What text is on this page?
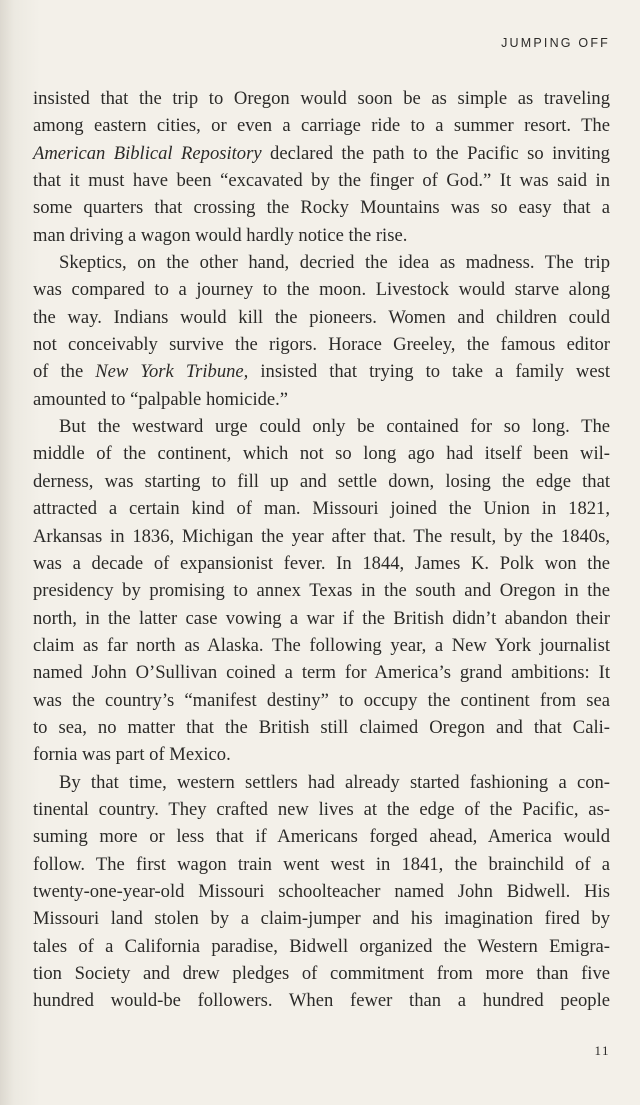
JUMPING OFF
insisted that the trip to Oregon would soon be as simple as traveling
among eastern cities, or even a carriage ride to a summer resort. The
American Biblical Repository declared the path to the Pacific so inviting
that it must have been “excavated by the finger of God.” It was said in
some quarters that crossing the Rocky Mountains was so easy that a
man driving a wagon would hardly notice the rise.
Skeptics, on the other hand, decried the idea as madness. The trip
was compared to a journey to the moon. Livestock would starve along
the way. Indians would kill the pioneers. Women and children could
not conceivably survive the rigors. Horace Greeley, the famous editor
of the New York Tribune, insisted that trying to take a family west
amounted to “palpable homicide.”
But the westward urge could only be contained for so long. The
middle of the continent, which not so long ago had itself been wil-
derness, was starting to fill up and settle down, losing the edge that
attracted a certain kind of man. Missouri joined the Union in 1821,
Arkansas in 1836, Michigan the year after that. The result, by the 1840s,
was a decade of expansionist fever. In 1844, James K. Polk won the
presidency by promising to annex Texas in the south and Oregon in the
north, in the latter case vowing a war if the British didn’t abandon their
claim as far north as Alaska. The following year, a New York journalist
named John O’Sullivan coined a term for America’s grand ambitions: It
was the country’s “manifest destiny” to occupy the continent from sea
to sea, no matter that the British still claimed Oregon and that Cali-
fornia was part of Mexico.
By that time, western settlers had already started fashioning a con-
tinental country. They crafted new lives at the edge of the Pacific, as-
suming more or less that if Americans forged ahead, America would
follow. The first wagon train went west in 1841, the brainchild of a
twenty-one-year-old Missouri schoolteacher named John Bidwell. His
Missouri land stolen by a claim-jumper and his imagination fired by
tales of a California paradise, Bidwell organized the Western Emigra-
tion Society and drew pledges of commitment from more than five
hundred would-be followers. When fewer than a hundred people
11
